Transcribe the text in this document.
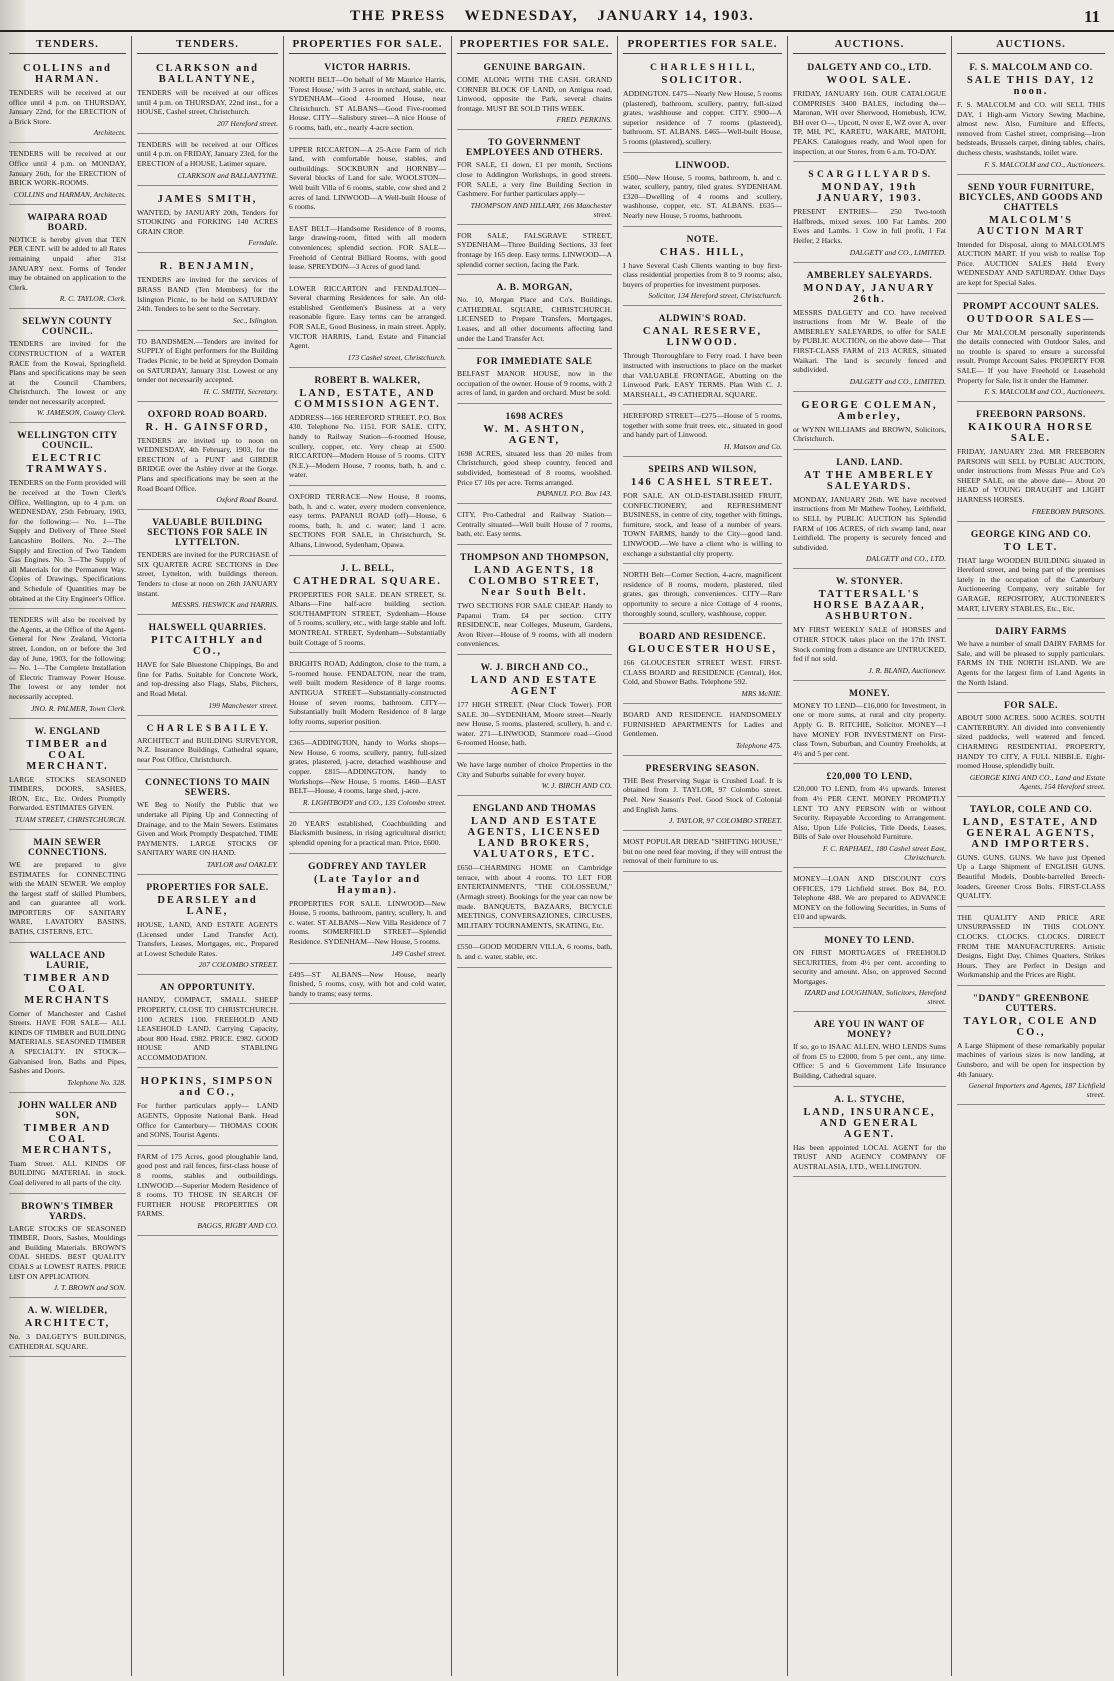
THE PRESS WEDNESDAY, JANUARY 14, 1903.	11
TENDERS.
COLLINS and HARMAN.

TENDERS will be received at our office until 4 p.m. on THURSDAY, January 22nd, for the ERECTION of a Brick Store.

Architects.

TENDERS will be received at our Office until 4 p.m. on MONDAY, January 26th, for the ERECTION of BRICK WORK-ROOMS.

COLLINS and HARMAN, Architects.
WAIPARA ROAD BOARD.

NOTICE is hereby given that TEN PER CENT. will be added to all Rates remaining unpaid after 31st JANUARY next. Forms of Tender may be obtained on application to the Clerk.

R. C. TAYLOR, Clerk.
SELWYN COUNTY COUNCIL.

TENDERS are invited for the CONSTRUCTION of a WATER RACE from the Kowai, Springfield. Plans and specifications may be seen at the Council Chambers, Christchurch. The lowest or any tender not necessarily accepted.

W. JAMESON, County Clerk.
WELLINGTON CITY COUNCIL.
ELECTRIC TRAMWAYS.

TENDERS on the Form provided will be received at the Town Clerk's Office, Wellington, up to 4 p.m. on WEDNESDAY, 25th February, 1903, for the following:— No. 1—The Supply and Delivery of Three Steel Lancashire Boilers. No. 2—The Supply and Erection of Two Tandem Gas Engines. No. 3—The Supply of all Materials for the Permanent Way. Copies of Drawings, Specifications and Schedule of Quantities may be obtained at the City Engineer's Office.

TENDERS will also be received by the Agents, at the Office of the Agent-General for New Zealand, Victoria street, London, on or before the 3rd day of June, 1903, for the following:— No. 1—The Complete Installation of Electric Tramway Power House. The lowest or any tender not necessarily accepted.

JNO. R. PALMER, Town Clerk.
W. ENGLAND
TIMBER and COAL MERCHANT.

LARGE STOCKS SEASONED TIMBERS, DOORS, SASHES, IRON, Etc., Etc. Orders Promptly Forwarded. ESTIMATES GIVEN.

TUAM STREET, CHRISTCHURCH.
MAIN SEWER CONNECTIONS.

WE are prepared to give ESTIMATES for CONNECTING with the MAIN SEWER. We employ the largest staff of skilled Plumbers, and can guarantee all work. IMPORTERS OF SANITARY WARE, LAVATORY BASINS, BATHS, CISTERNS, ETC.

WALLACE AND LAURIE,
TIMBER AND COAL MERCHANTS

Corner of Manchester and Cashel Streets. HAVE FOR SALE— ALL KINDS OF TIMBER and BUILDING MATERIALS. SEASONED TIMBER A SPECIALTY. IN STOCK— Galvanised Iron, Baths and Pipes, Sashes and Doors.

Telephone No. 328.
JOHN WALLER AND SON,
TIMBER AND COAL MERCHANTS,

Tuam Street. ALL KINDS OF BUILDING MATERIAL in stock. Coal delivered to all parts of the city.

BROWN'S TIMBER YARDS.

LARGE STOCKS OF SEASONED TIMBER, Doors, Sashes, Mouldings and Building Materials. BROWN'S COAL SHEDS. BEST QUALITY COALS at LOWEST RATES. PRICE LIST ON APPLICATION.

J. T. BROWN and SON.
A. W. WIELDER,
ARCHITECT,

No. 3 DALGETY'S BUILDINGS, CATHEDRAL SQUARE.

TENDERS.
CLARKSON and BALLANTYNE,

TENDERS will be received at our offices until 4 p.m. on THURSDAY, 22nd inst., for a HOUSE, Cashel street, Christchurch.

207 Hereford street.

TENDERS will be received at our Offices until 4 p.m. on FRIDAY, January 23rd, for the ERECTION of a HOUSE, Latimer square.

CLARKSON and BALLANTYNE.
JAMES SMITH,

WANTED, by JANUARY 20th, Tenders for STOOKING and FORKING 140 ACRES GRAIN CROP.

Ferndale.
R. BENJAMIN,

TENDERS are invited for the services of BRASS BAND (Ten Members) for the Islington Picnic, to be held on SATURDAY 24th. Tenders to be sent to the Secretary.

Sec., Islington.

TO BANDSMEN.—Tenders are invited for SUPPLY of Eight performers for the Building Trades Picnic, to be held at Spreydon Domain on SATURDAY, January 31st. Lowest or any tender not necessarily accepted.

H. C. SMITH, Secretary.
OXFORD ROAD BOARD.
R. H. GAINSFORD,

TENDERS are invited up to noon on WEDNESDAY, 4th February, 1903, for the ERECTION of a PUNT and GIRDER BRIDGE over the Ashley river at the Gorge. Plans and specifications may be seen at the Road Board Office.

Oxford Road Board.
VALUABLE BUILDING SECTIONS FOR SALE IN LYTTELTON.

TENDERS are invited for the PURCHASE of SIX QUARTER ACRE SECTIONS in Dee street, Lyttelton, with buildings thereon. Tenders to close at noon on 26th JANUARY instant.

MESSRS. HESWICK and HARRIS.
HALSWELL QUARRIES.
PITCAITHLY and CO.,

HAVE for Sale Bluestone Chippings, Bo and fine for Paths. Suitable for Concrete Work, and top-dressing also Flags, Slabs, Pitchers, and Road Metal.

199 Manchester street.
C H A R L E S B A I L E Y.

ARCHITECT and BUILDING SURVEYOR, N.Z. Insurance Buildings, Cathedral square, near Post Office, Christchurch.

CONNECTIONS TO MAIN SEWERS.

WE Beg to Notify the Public that we undertake all Piping Up and Connecting of Drainage, and to the Main Sewers. Estimates Given and Work Promptly Despatched. TIME PAYMENTS. LARGE STOCKS OF SANITARY WARE ON HAND.

TAYLOR and OAKLEY.
PROPERTIES FOR SALE.
DEARSLEY and LANE,

HOUSE, LAND, AND ESTATE AGENTS (Licensed under Land Transfer Act). Transfers, Leases, Mortgages, etc., Prepared at Lowest Schedule Rates.

207 COLOMBO STREET.
AN OPPORTUNITY.

HANDY, COMPACT, SMALL SHEEP PROPERTY, CLOSE TO CHRISTCHURCH. 1100 ACRES 1100. FREEHOLD AND LEASEHOLD LAND. Carrying Capacity, about 800 Head. £982. PRICE. £982. GOOD HOUSE AND STABLING ACCOMMODATION.

HOPKINS, SIMPSON and CO.,

For further particulars apply— LAND AGENTS, Opposite National Bank. Head Office for Canterbury— THOMAS COOK and SONS, Tourist Agents.

FARM of 175 Acres, good ploughable land, good post and rail fences, first-class house of 8 rooms, stables and outbuildings. LINWOOD.—Superior Modern Residence of 8 rooms. TO THOSE IN SEARCH OF FURTHER HOUSE PROPERTIES OR FARMS.

BAGGS, RIGBY AND CO.
PROPERTIES FOR SALE.
VICTOR HARRIS.

NORTH BELT—On behalf of Mr Maurice Harris, 'Forest House,' with 3 acres in orchard, stable, etc. SYDENHAM—Good 4-roomed House, near Christchurch. ST ALBANS—Good Five-roomed House. CITY—Salisbury street—A nice House of 6 rooms, bath, etc., nearly 4-acre section.

UPPER RICCARTON—A 25-Acre Farm of rich land, with comfortable house, stables, and outbuildings. SOCKBURN and HORNBY—Several blocks of Land for sale. WOOLSTON—Well built Villa of 6 rooms, stable, cow shed and 2 acres of land. LINWOOD—A Well-built House of 6 rooms.

EAST BELT—Handsome Residence of 8 rooms, large drawing-room, fitted with all modern conveniences; splendid section. FOR SALE—Freehold of Central Billiard Rooms, with good lease. SPREYDON—3 Acres of good land.

LOWER RICCARTON and FENDALTON—Several charming Residences for sale. An old-established Gentlemen's Business at a very reasonable figure. Easy terms can be arranged. FOR SALE, Good Business, in main street. Apply, VICTOR HARRIS, Land, Estate and Financial Agent.

173 Cashel street, Christchurch.
ROBERT B. WALKER,
LAND, ESTATE, AND COMMISSION AGENT.

ADDRESS—166 HEREFORD STREET. P.O. Box 430. Telephone No. 1151. FOR SALE. CITY, handy to Railway Station—6-roomed House, scullery, copper, etc. Very cheap at £500. RICCARTON—Modern House of 5 rooms. CITY (N.E.)—Modern House, 7 rooms, bath, h. and c. water.

OXFORD TERRACE—New House, 8 rooms, bath, h. and c. water, every modern convenience, easy terms. PAPANUI ROAD (off)—House, 6 rooms, bath, h. and c. water; land 1 acre. SECTIONS FOR SALE, in Christchurch, St. Albans, Linwood, Sydenham, Opawa.

J. L. BELL,
CATHEDRAL SQUARE.

PROPERTIES FOR SALE. DEAN STREET, St. Albans—Fine half-acre building section. SOUTHAMPTON STREET, Sydenham—House of 5 rooms, scullery, etc., with large stable and loft. MONTREAL STREET, Sydenham—Substantially built Cottage of 5 rooms.

BRIGHTS ROAD, Addington, close to the tram, a 5-roomed house. FENDALTON, near the tram, well built modern Residence of 8 large rooms. ANTIGUA STREET—Substantially-constructed House of seven rooms, bathroom. CITY—Substantially built Modern Residence of 8 large lofty rooms, superior position.

£365—ADDINGTON, handy to Works shops—New House, 6 rooms, scullery, pantry, full-sized grates, plastered, j-acre, detached washhouse and copper. £815—ADDINGTON, handy to Workshops—New House, 5 rooms. £460—EAST BELT—House, 4 rooms, large shed, j-acre.

R. LIGHTBODY and CO., 135 Colombo street.

20 YEARS established, Coachbuilding and Blacksmith business, in rising agricultural district; splendid opening for a practical man. Price, £600.

GODFREY AND TAYLER
(Late Taylor and Hayman).

PROPERTIES FOR SALE. LINWOOD—New House, 5 rooms, bathroom, pantry, scullery, h. and c. water. ST ALBANS—New Villa Residence of 7 rooms. SOMERFIELD STREET—Splendid Residence. SYDENHAM—New House, 5 rooms.

149 Cashel street.

£495—ST ALBANS—New House, nearly finished, 5 rooms, cosy, with hot and cold water, handy to trams; easy terms.

PROPERTIES FOR SALE.
GENUINE BARGAIN.

COME ALONG WITH THE CASH. GRAND CORNER BLOCK OF LAND, on Antigua road, Linwood, opposite the Park, several chains frontage. MUST BE SOLD THIS WEEK.

FRED. PERKINS.
TO GOVERNMENT EMPLOYEES AND OTHERS.

FOR SALE, £1 down, £1 per month, Sections close to Addington Workshops, in good streets. FOR SALE, a very fine Building Section in Cashmere. For further particulars apply—

THOMPSON AND HILLARY, 166 Manchester street.

FOR SALE, FALSGRAVE STREET, SYDENHAM—Three Building Sections, 33 feet frontage by 165 deep. Easy terms. LINWOOD—A splendid corner section, facing the Park.

A. B. MORGAN,

No. 10, Morgan Place and Co's. Buildings, CATHEDRAL SQUARE, CHRISTCHURCH. LICENSED to Prepare Transfers, Mortgages, Leases, and all other documents affecting land under the Land Transfer Act.

FOR IMMEDIATE SALE

BELFAST MANOR HOUSE, now in the occupation of the owner. House of 9 rooms, with 2 acres of land, in garden and orchard. Must be sold.

1698 ACRES
W. M. ASHTON, AGENT,

1698 ACRES, situated less than 20 miles from Christchurch, good sheep country, fenced and subdivided, homestead of 8 rooms, woolshed. Price £7 10s per acre. Terms arranged.

PAPANUI. P.O. Box 143.

CITY, Pro-Cathedral and Railway Station—Centrally situated—Well built House of 7 rooms, bath, etc. Easy terms.

THOMPSON AND THOMPSON,
LAND AGENTS, 18 COLOMBO STREET, Near South Belt.

TWO SECTIONS FOR SALE CHEAP. Handy to Papanui Tram. £4 per section. CITY RESIDENCE, near Colleges, Museum, Gardens, Avon River—House of 9 rooms, with all modern conveniences.

W. J. BIRCH AND CO.,
LAND AND ESTATE AGENT

177 HIGH STREET. (Near Clock Tower). FOR SALE. 30—SYDENHAM, Moore street—Nearly new House, 5 rooms, plastered, scullery, h. and c. water. 271—LINWOOD, Stanmore road—Good 6-roomed House, bath.

We have large number of choice Properties in the City and Suburbs suitable for every buyer.

W. J. BIRCH AND CO.
ENGLAND AND THOMAS
LAND AND ESTATE AGENTS, LICENSED LAND BROKERS, VALUATORS, ETC.

£650—CHARMING HOME on Cambridge terrace, with about 4 rooms. TO LET FOR ENTERTAINMENTS, "THE COLOSSEUM," (Armagh street). Bookings for the year can now be made. BANQUETS, BAZAARS, BICYCLE MEETINGS, CONVERSAZIONES, CIRCUSES, MILITARY TOURNAMENTS, SKATING, Etc.

£550—GOOD MODERN VILLA, 6 rooms, bath, h. and c. water, stable, etc.

PROPERTIES FOR SALE.
C H A R L E S H I L L,
SOLICITOR.

ADDINGTON. £475—Nearly New House, 5 rooms (plastered), bathroom, scullery, pantry, full-sized grates, washhouse and copper. CITY. £900—A superior residence of 7 rooms (plastered), bathroom. ST. ALBANS. £465—Well-built House, 5 rooms (plastered), scullery.

LINWOOD.

£500—New House, 5 rooms, bathroom, h. and c. water, scullery, pantry, tiled grates. SYDENHAM. £320—Dwelling of 4 rooms and scullery, washhouse, copper, etc. ST. ALBANS. £635—Nearly new House, 5 rooms, bathroom.

NOTE.
CHAS. HILL,

I have Several Cash Clients wanting to buy first-class residential properties from 8 to 9 rooms; also, buyers of properties for investment purposes.

Solicitor, 134 Hereford street, Christchurch.
ALDWIN'S ROAD.
CANAL RESERVE, LINWOOD.

Through Thoroughfare to Ferry road. I have been instructed with instructions to place on the market that VALUABLE FRONTAGE, Abutting on the Linwood Park. EASY TERMS. Plan With C. J. MARSHALL, 49 CATHEDRAL SQUARE.

HEREFORD STREET—£275—House of 5 rooms, together with some fruit trees, etc., situated in good and handy part of Linwood.

H. Matson and Co.
SPEIRS AND WILSON,
146 CASHEL STREET.

FOR SALE. AN OLD-ESTABLISHED FRUIT, CONFECTIONERY, and REFRESHMENT BUSINESS, in centre of city, together with fittings, furniture, stock, and lease of a number of years. TOWN FARMS, handy to the City—good land. LINWOOD.—We have a client who is willing to exchange a substantial city property.

NORTH Belt—Corner Section, 4-acre, magnificent residence of 8 rooms, modern, plastered, tiled grates, gas through, conveniences. CITY—Rare opportunity to secure a nice Cottage of 4 rooms, thoroughly sound, scullery, washhouse, copper.

BOARD AND RESIDENCE.
GLOUCESTER HOUSE,

166 GLOUCESTER STREET WEST. FIRST-CLASS BOARD and RESIDENCE (Central), Hot, Cold, and Shower Baths. Telephone 592.

MRS McNIE.

BOARD AND RESIDENCE. HANDSOMELY FURNISHED APARTMENTS for Ladies and Gentlemen.

Telephone 475.
PRESERVING SEASON.

THE Best Preserving Sugar is Crushed Loaf. It is obtained from J. TAYLOR, 97 Colombo street. Peel. New Season's Peel. Good Stock of Colonial and English Jams.

J. TAYLOR, 97 COLOMBO STREET.

MOST POPULAR DREAD "SHIFTING HOUSE," but no one need fear moving, if they will entrust the removal of their furniture to us.

AUCTIONS.
DALGETY AND CO., LTD.
WOOL SALE.

FRIDAY, JANUARY 16th. OUR CATALOGUE COMPRISES 3400 BALES, including the— Maronan, WH over Sherwood, Homebush, ICW, BH over O—, Upcott, N over E, WZ over A, over TP, MH, PC, KARETU, WAKARE, MATOHI, PEAKS. Catalogues ready, and Wool open for inspection, at our Stores, from 6 a.m. TO-DAY.

S C A R G I L L Y A R D S.
MONDAY, 19th JANUARY, 1903.

PRESENT ENTRIES— 250 Two-tooth Halfbreds, mixed sexes. 100 Fat Lambs. 200 Ewes and Lambs. 1 Cow in full profit, 1 Fat Heifer, 2 Hacks.

DALGETY and CO., LIMITED.
AMBERLEY SALEYARDS.
MONDAY, JANUARY 26th.

MESSRS DALGETY and CO. have received instructions from Mr W. Beale of the AMBERLEY SALEYARDS, to offer for SALE by PUBLIC AUCTION, on the above date— That FIRST-CLASS FARM of 213 ACRES, situated Waikari. The land is securely fenced and subdivided.

DALGETY and CO., LIMITED.
GEORGE COLEMAN, Amberley,

or WYNN WILLIAMS and BROWN, Solicitors, Christchurch.

LAND. LAND.
AT THE AMBERLEY SALEYARDS.

MONDAY, JANUARY 26th. WE have received instructions from Mr Mathew Toohey, Leithfield, to SELL by PUBLIC AUCTION his Splendid FARM of 106 ACRES, of rich swamp land, near Leithfield. The property is securely fenced and subdivided.

DALGETY and CO., LTD.
W. STONYER.
TATTERSALL'S HORSE BAZAAR, ASHBURTON.

MY FIRST WEEKLY SALE of HORSES and OTHER STOCK takes place on the 17th INST. Stock coming from a distance are UNTRUCKED, fed if not sold.

J. R. BLAND, Auctioneer.
MONEY.

MONEY TO LEND—£16,000 for Investment, in one or more sums, at rural and city property. Apply G. B. RITCHIE, Solicitor. MONEY—I have MONEY FOR INVESTMENT on First-class Town, Suburban, and Country Freeholds, at 4½ and 5 per cent.

£20,000 TO LEND,

£20,000 TO LEND, from 4½ upwards. Interest from 4½ PER CENT. MONEY PROMPTLY LENT TO ANY PERSON with or without Security. Repayable According to Arrangement. Also, Upon Life Policies, Title Deeds, Leases, Bills of Sale over Household Furniture.

F. C. RAPHAEL, 180 Cashel street East, Christchurch.

MONEY—LOAN AND DISCOUNT CO'S OFFICES, 179 Lichfield street. Box 84, P.O. Telephone 488. We are prepared to ADVANCE MONEY on the following Securities, in Sums of £10 and upwards.

MONEY TO LEND.

ON FIRST MORTGAGES of FREEHOLD SECURITIES, from 4½ per cent. according to security and amount. Also, on approved Second Mortgages.

IZARD and LOUGHNAN, Solicitors, Hereford street.
ARE YOU IN WANT OF MONEY?

If so, go to ISAAC ALLEN, WHO LENDS Sums of from £5 to £2000, from 5 per cent., any time. Office: 5 and 6 Government Life Insurance Building, Cathedral square.

A. L. STYCHE,
LAND, INSURANCE, AND GENERAL AGENT.

Has been appointed LOCAL AGENT for the TRUST AND AGENCY COMPANY OF AUSTRALASIA, LTD., WELLINGTON.

AUCTIONS.
F. S. MALCOLM AND CO.
SALE THIS DAY, 12 noon.

F. S. MALCOLM and CO. will SELL THIS DAY, 1 High-arm Victory Sewing Machine, almost new. Also, Furniture and Effects, removed from Cashel street, comprising—Iron bedsteads, Brussels carpet, dining tables, chairs, duchess chests, washstands, toilet ware.

F. S. MALCOLM and CO., Auctioneers.
SEND YOUR FURNITURE, BICYCLES, AND GOODS AND CHATTELS
MALCOLM'S AUCTION MART

Intended for Disposal, along to MALCOLM'S AUCTION MART. If you wish to realise Top Price. AUCTION SALES Held Every WEDNESDAY AND SATURDAY. Other Days are kept for Special Sales.

PROMPT ACCOUNT SALES.
OUTDOOR SALES—

Our Mr MALCOLM personally superintends the details connected with Outdoor Sales, and no trouble is spared to ensure a successful result. Prompt Account Sales. PROPERTY FOR SALE— If you have Freehold or Leasehold Property for Sale, list it under the Hammer.

F. S. MALCOLM and CO., Auctioneers.
FREEBORN PARSONS.
KAIKOURA HORSE SALE.

FRIDAY, JANUARY 23rd. MR FREEBORN PARSONS will SELL by PUBLIC AUCTION, under instructions from Messrs Prue and Co's SHEEP SALE, on the above date— About 20 HEAD of YOUNG DRAUGHT and LIGHT HARNESS HORSES.

FREEBORN PARSONS.
GEORGE KING AND CO.
TO LET.

THAT large WOODEN BUILDING situated in Hereford street, and being part of the premises lately in the occupation of the Canterbury Auctioneering Company, very suitable for GARAGE, REPOSITORY, AUCTIONEER'S MART, LIVERY STABLES, Etc., Etc.

DAIRY FARMS

We have a number of small DAIRY FARMS for Sale, and will be pleased to supply particulars. FARMS IN THE NORTH ISLAND. We are Agents for the largest firm of Land Agents in the North Island.

FOR SALE.

ABOUT 5000 ACRES. 5000 ACRES. SOUTH CANTERBURY. All divided into conveniently sized paddocks, well watered and fenced. CHARMING RESIDENTIAL PROPERTY, HANDY TO CITY, A FULL NIBBLE. Eight-roomed House, splendidly built.

GEORGE KING AND CO., Land and Estate Agents, 154 Hereford street.
TAYLOR, COLE AND CO.
LAND, ESTATE, AND GENERAL AGENTS, AND IMPORTERS.

GUNS. GUNS. GUNS. We have just Opened Up a Large Shipment of ENGLISH GUNS. Beautiful Models, Double-barrelled Breech-loaders, Greener Cross Bolts. FIRST-CLASS QUALITY.

THE QUALITY AND PRICE ARE UNSURPASSED IN THIS COLONY. CLOCKS. CLOCKS. CLOCKS. DIRECT FROM THE MANUFACTURERS. Artistic Designs, Eight Day, Chimes Quarters, Strikes Hours. They are Perfect in Design and Workmanship and the Prices are Right.

"DANDY" GREENBONE CUTTERS.
TAYLOR, COLE AND CO.,

A Large Shipment of these remarkably popular machines of various sizes is now landing, at Gunsboro, and will be open for inspection by 4th January.

General Importers and Agents, 187 Lichfield street.
